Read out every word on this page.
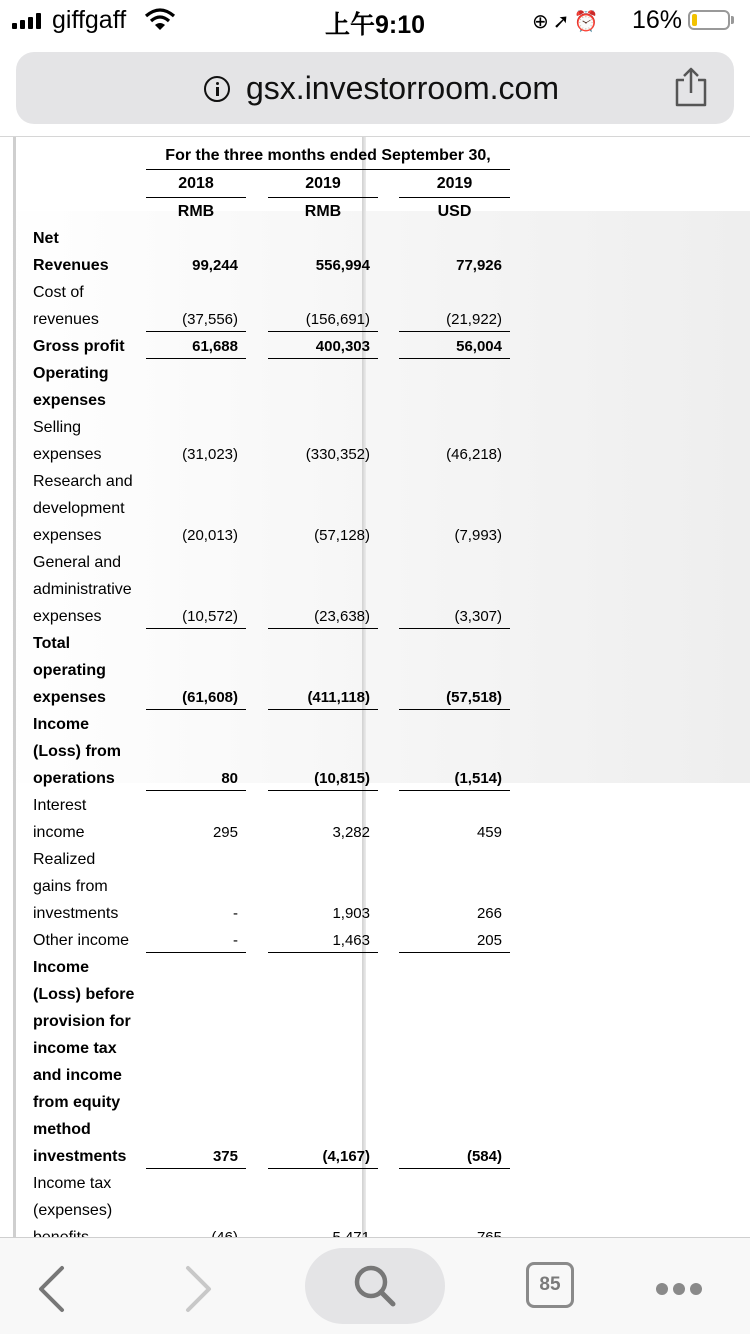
giffgaff	上午9:10	⊕➚⏰ 16%
gsx.investorroom.com
For the three months ended September 30,
2018	2019	2019
RMB	RMB	USD
Net
Revenues	99,244	556,994	77,926
Cost of
revenues	(37,556)	(156,691)	(21,922)
Gross profit	61,688	400,303	56,004
Operating
expenses
Selling
expenses	(31,023)	(330,352)	(46,218)
Research and
development
expenses	(20,013)	(57,128)	(7,993)
General and
administrative
expenses	(10,572)	(23,638)	(3,307)
Total
operating
expenses	(61,608)	(411,118)	(57,518)
Income
(Loss) from
operations	80	(10,815)	(1,514)
Interest
income	295	3,282	459
Realized
gains from
investments	-	1,903	266
Other income	-	1,463	205
Income
(Loss) before
provision for
income tax
and income
from equity
method
investments	375	(4,167)	(584)
Income tax
(expenses)
85
